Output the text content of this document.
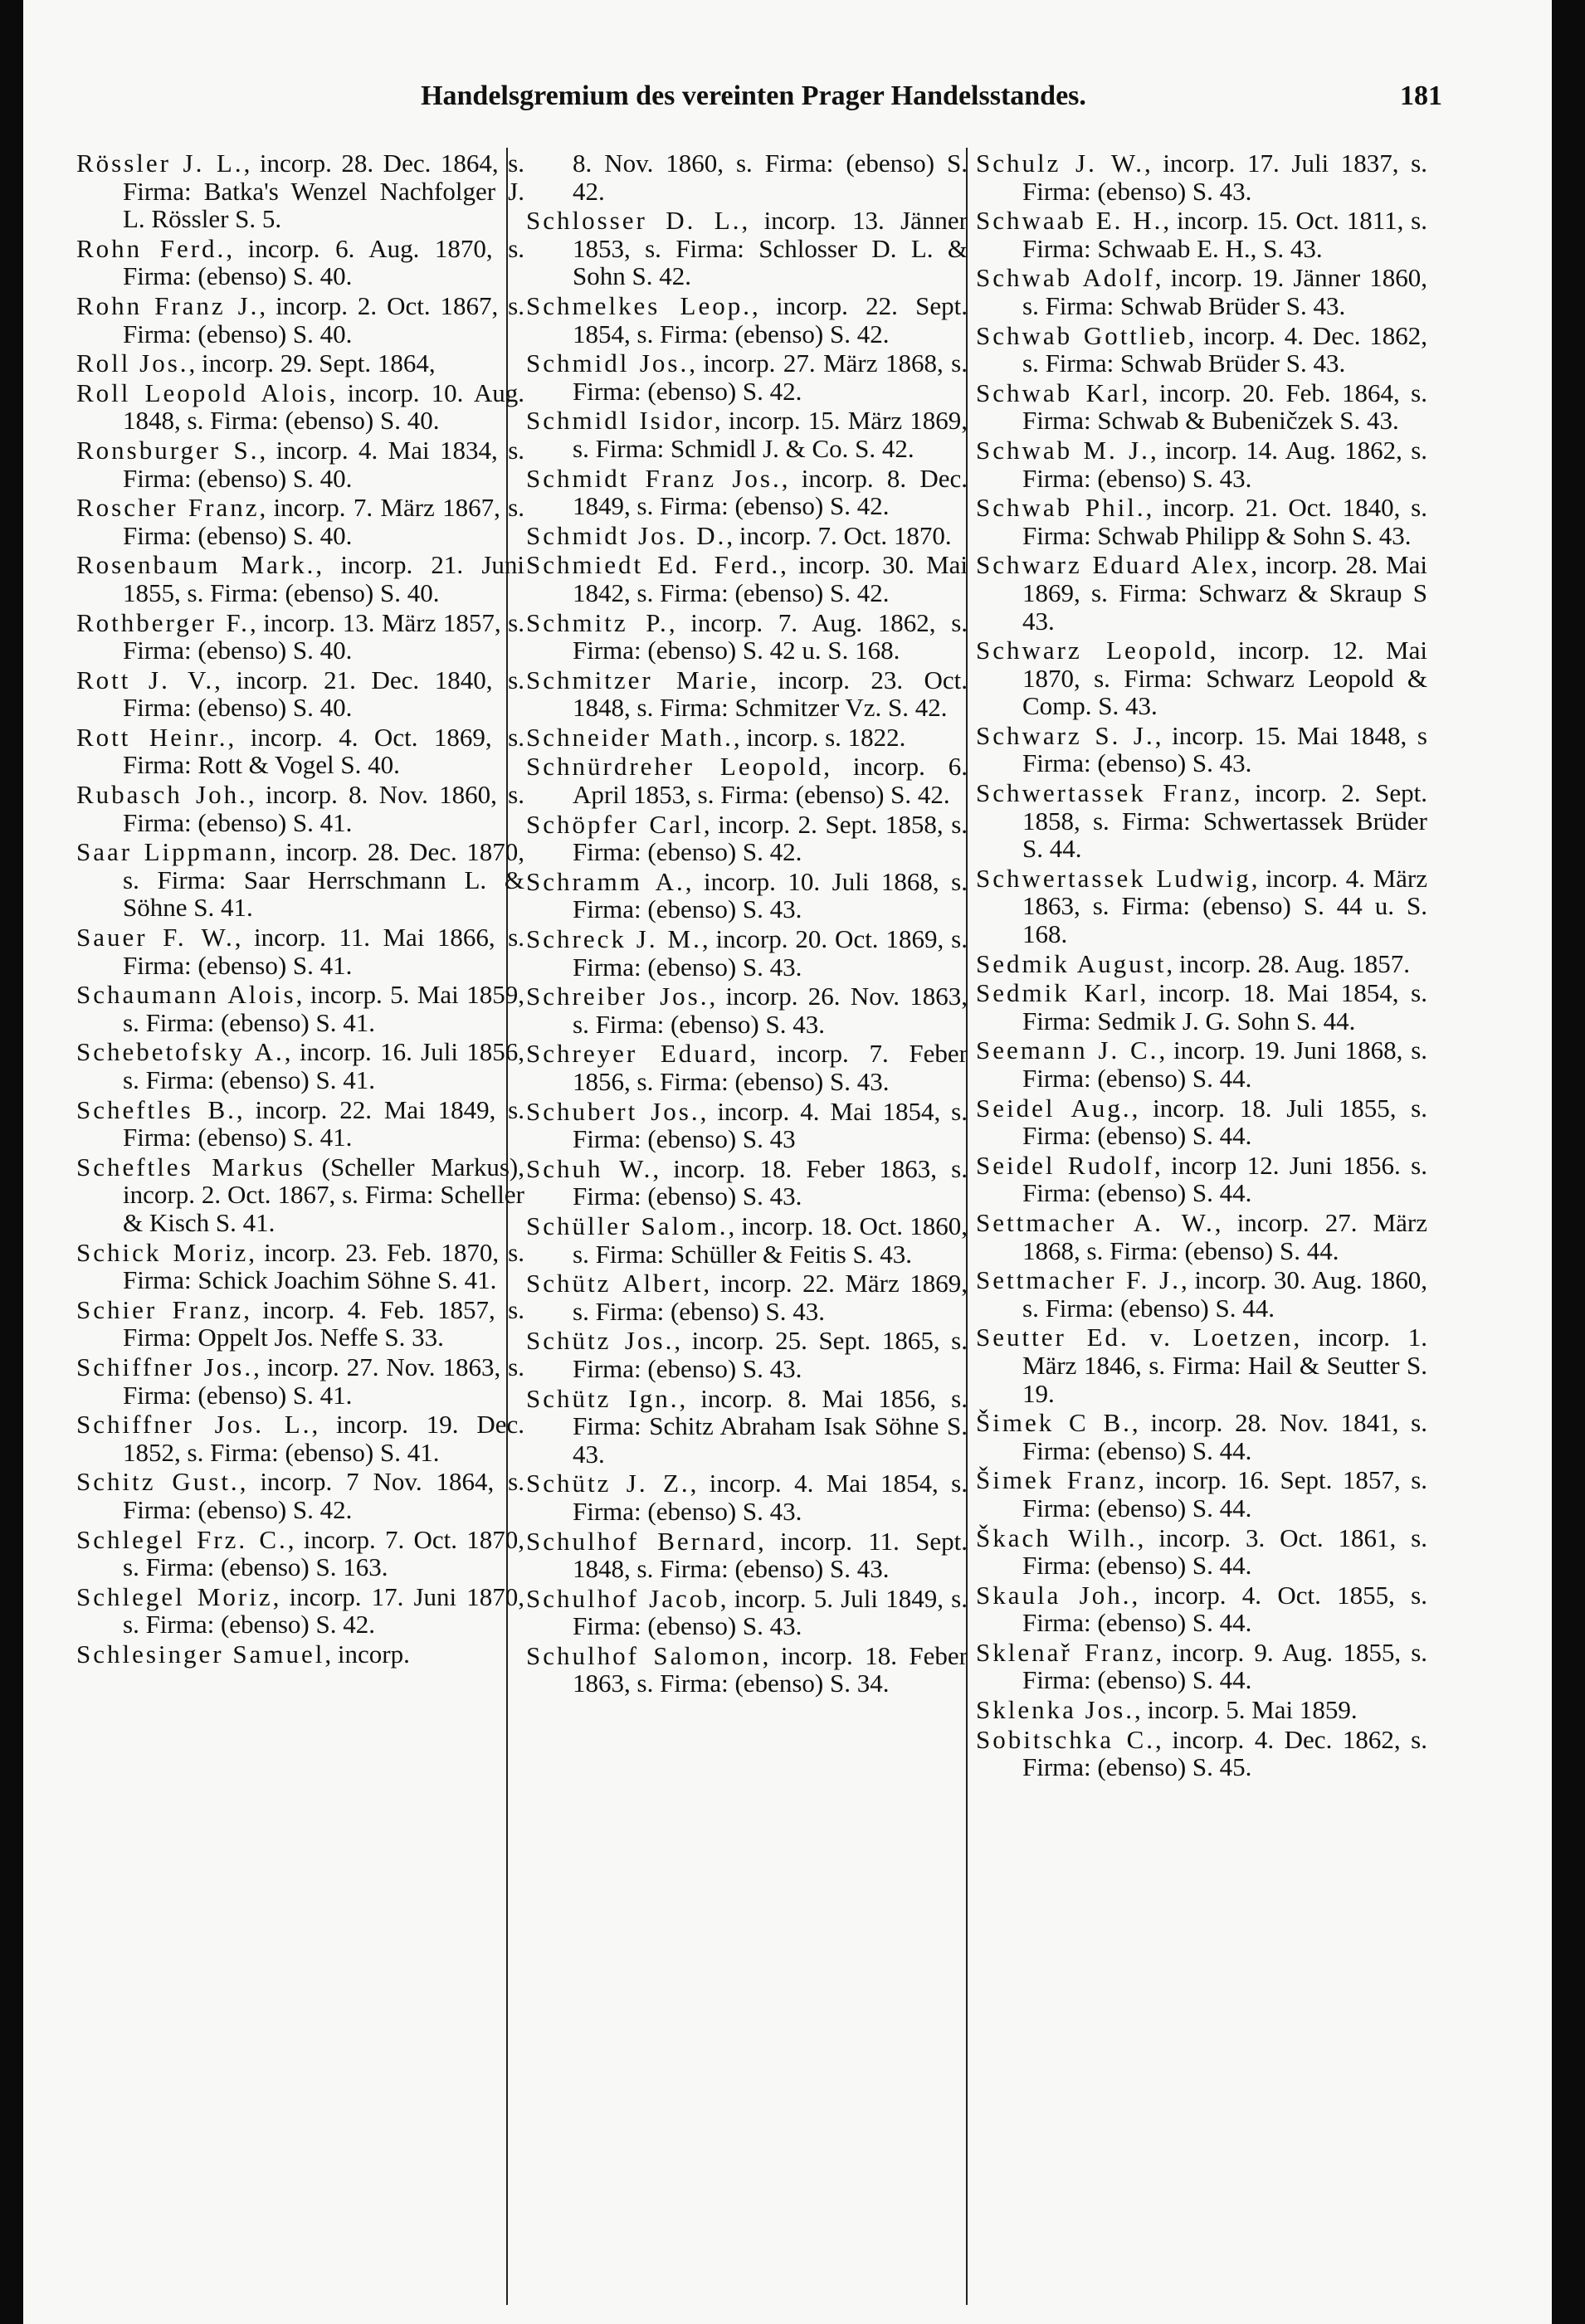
Handelsgremium des vereinten Prager Handelsstandes.	181
Rössler J. L., incorp. 28. Dec. 1864, s. Firma: Batka's Wenzel Nachfolger J. L. Rössler S. 5.
Rohn Ferd., incorp. 6. Aug. 1870, s. Firma: (ebenso) S. 40.
Rohn Franz J., incorp. 2. Oct. 1867, s. Firma: (ebenso) S. 40.
Roll Jos., incorp. 29. Sept. 1864,
Roll Leopold Alois, incorp. 10. Aug. 1848, s. Firma: (ebenso) S. 40.
Ronsburger S., incorp. 4. Mai 1834, s. Firma: (ebenso) S. 40.
Roscher Franz, incorp. 7. März 1867, s. Firma: (ebenso) S. 40.
Rosenbaum Mark., incorp. 21. Juni 1855, s. Firma: (ebenso) S. 40.
Rothberger F., incorp. 13. März 1857, s. Firma: (ebenso) S. 40.
Rott J. V., incorp. 21. Dec. 1840, s. Firma: (ebenso) S. 40.
Rott Heinr., incorp. 4. Oct. 1869, s. Firma: Rott & Vogel S. 40.
Rubasch Joh., incorp. 8. Nov. 1860, s. Firma: (ebenso) S. 41.
Saar Lippmann, incorp. 28. Dec. 1870, s. Firma: Saar Herrschmann L. & Söhne S. 41.
Sauer F. W., incorp. 11. Mai 1866, s. Firma: (ebenso) S. 41.
Schaumann Alois, incorp. 5. Mai 1859, s. Firma: (ebenso) S. 41.
Schebetofsky A., incorp. 16. Juli 1856, s. Firma: (ebenso) S. 41.
Scheftles B., incorp. 22. Mai 1849, s. Firma: (ebenso) S. 41.
Scheftles Markus (Scheller Markus), incorp. 2. Oct. 1867, s. Firma: Scheller & Kisch S. 41.
Schick Moriz, incorp. 23. Feb. 1870, s. Firma: Schick Joachim Söhne S. 41.
Schier Franz, incorp. 4. Feb. 1857, s. Firma: Oppelt Jos. Neffe S. 33.
Schiffner Jos., incorp. 27. Nov. 1863, s. Firma: (ebenso) S. 41.
Schiffner Jos. L., incorp. 19. Dec. 1852, s. Firma: (ebenso) S. 41.
Schitz Gust., incorp. 7 Nov. 1864, s. Firma: (ebenso) S. 42.
Schlegel Frz. C., incorp. 7. Oct. 1870, s. Firma: (ebenso) S. 163.
Schlegel Moriz, incorp. 17. Juni 1870, s. Firma: (ebenso) S. 42.
Schlesinger Samuel, incorp.
8. Nov. 1860, s. Firma: (ebenso) S. 42.
Schlosser D. L., incorp. 13. Jänner 1853, s. Firma: Schlosser D. L. & Sohn S. 42.
Schmelkes Leop., incorp. 22. Sept. 1854, s. Firma: (ebenso) S. 42.
Schmidl Jos., incorp. 27. März 1868, s. Firma: (ebenso) S. 42.
Schmidl Isidor, incorp. 15. März 1869, s. Firma: Schmidl J. & Co. S. 42.
Schmidt Franz Jos., incorp. 8. Dec. 1849, s. Firma: (ebenso) S. 42.
Schmidt Jos. D., incorp. 7. Oct. 1870.
Schmiedt Ed. Ferd., incorp. 30. Mai 1842, s. Firma: (ebenso) S. 42.
Schmitz P., incorp. 7. Aug. 1862, s. Firma: (ebenso) S. 42 u. S. 168.
Schmitzer Marie, incorp. 23. Oct. 1848, s. Firma: Schmitzer Vz. S. 42.
Schneider Math., incorp. s. 1822.
Schnürdreher Leopold, incorp. 6. April 1853, s. Firma: (ebenso) S. 42.
Schöpfer Carl, incorp. 2. Sept. 1858, s. Firma: (ebenso) S. 42.
Schramm A., incorp. 10. Juli 1868, s. Firma: (ebenso) S. 43.
Schreck J. M., incorp. 20. Oct. 1869, s. Firma: (ebenso) S. 43.
Schreiber Jos., incorp. 26. Nov. 1863, s. Firma: (ebenso) S. 43.
Schreyer Eduard, incorp. 7. Feber 1856, s. Firma: (ebenso) S. 43.
Schubert Jos., incorp. 4. Mai 1854, s. Firma: (ebenso) S. 43
Schuh W., incorp. 18. Feber 1863, s. Firma: (ebenso) S. 43.
Schüller Salom., incorp. 18. Oct. 1860, s. Firma: Schüller & Feitis S. 43.
Schütz Albert, incorp. 22. März 1869, s. Firma: (ebenso) S. 43.
Schütz Jos., incorp. 25. Sept. 1865, s. Firma: (ebenso) S. 43.
Schütz Ign., incorp. 8. Mai 1856, s. Firma: Schitz Abraham Isak Söhne S. 43.
Schütz J. Z., incorp. 4. Mai 1854, s. Firma: (ebenso) S. 43.
Schulhof Bernard, incorp. 11. Sept. 1848, s. Firma: (ebenso) S. 43.
Schulhof Jacob, incorp. 5. Juli 1849, s. Firma: (ebenso) S. 43.
Schulhof Salomon, incorp. 18. Feber 1863, s. Firma: (ebenso) S. 34.
Schulz J. W., incorp. 17. Juli 1837, s. Firma: (ebenso) S. 43.
Schwaab E. H., incorp. 15. Oct. 1811, s. Firma: Schwaab E. H., S. 43.
Schwab Adolf, incorp. 19. Jänner 1860, s. Firma: Schwab Brüder S. 43.
Schwab Gottlieb, incorp. 4. Dec. 1862, s. Firma: Schwab Brüder S. 43.
Schwab Karl, incorp. 20. Feb. 1864, s. Firma: Schwab & Bubeničzek S. 43.
Schwab M. J., incorp. 14. Aug. 1862, s. Firma: (ebenso) S. 43.
Schwab Phil., incorp. 21. Oct. 1840, s. Firma: Schwab Philipp & Sohn S. 43.
Schwarz Eduard Alex, incorp. 28. Mai 1869, s. Firma: Schwarz & Skraup S 43.
Schwarz Leopold, incorp. 12. Mai 1870, s. Firma: Schwarz Leopold & Comp. S. 43.
Schwarz S. J., incorp. 15. Mai 1848, s Firma: (ebenso) S. 43.
Schwertassek Franz, incorp. 2. Sept. 1858, s. Firma: Schwertassek Brüder S. 44.
Schwertassek Ludwig, incorp. 4. März 1863, s. Firma: (ebenso) S. 44 u. S. 168.
Sedmik August, incorp. 28. Aug. 1857.
Sedmik Karl, incorp. 18. Mai 1854, s. Firma: Sedmik J. G. Sohn S. 44.
Seemann J. C., incorp. 19. Juni 1868, s. Firma: (ebenso) S. 44.
Seidel Aug., incorp. 18. Juli 1855, s. Firma: (ebenso) S. 44.
Seidel Rudolf, incorp 12. Juni 1856. s. Firma: (ebenso) S. 44.
Settmacher A. W., incorp. 27. März 1868, s. Firma: (ebenso) S. 44.
Settmacher F. J., incorp. 30. Aug. 1860, s. Firma: (ebenso) S. 44.
Seutter Ed. v. Loetzen, incorp. 1. März 1846, s. Firma: Hail & Seutter S. 19.
Šimek C B., incorp. 28. Nov. 1841, s. Firma: (ebenso) S. 44.
Šimek Franz, incorp. 16. Sept. 1857, s. Firma: (ebenso) S. 44.
Škach Wilh., incorp. 3. Oct. 1861, s. Firma: (ebenso) S. 44.
Skaula Joh., incorp. 4. Oct. 1855, s. Firma: (ebenso) S. 44.
Sklenař Franz, incorp. 9. Aug. 1855, s. Firma: (ebenso) S. 44.
Sklenka Jos., incorp. 5. Mai 1859.
Sobitschka C., incorp. 4. Dec. 1862, s. Firma: (ebenso) S. 45.
